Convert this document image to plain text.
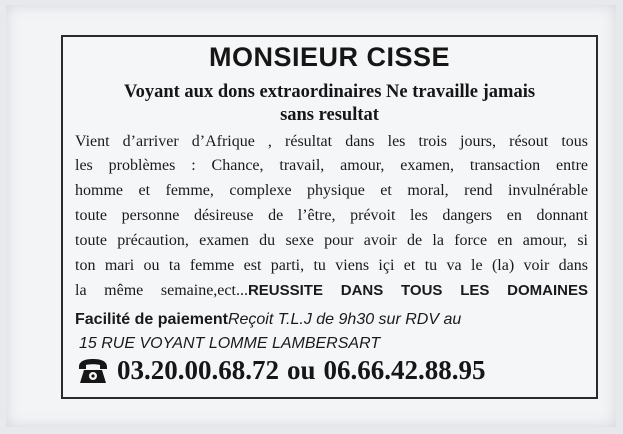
MONSIEUR CISSE
Voyant aux dons extraordinaires Ne travaille jamais
sans resultat
Vient d’arriver d’Afrique , résultat dans les trois jours, résout tous
les problèmes : Chance, travail, amour, examen, transaction entre
homme et femme, complexe physique et moral, rend invulnérable
toute personne désireuse de l’être, prévoit les dangers en donnant
toute précaution, examen du sexe pour avoir de la force en amour, si
ton mari ou ta femme est parti, tu viens içi et tu va le (la) voir dans
la même semaine,ect...REUSSITE DANS TOUS LES DOMAINES
Facilité de paiementReçoit T.L.J de 9h30 sur RDV au
15 RUE VOYANT LOMME LAMBERSART
03.20.00.68.72 ou 06.66.42.88.95
